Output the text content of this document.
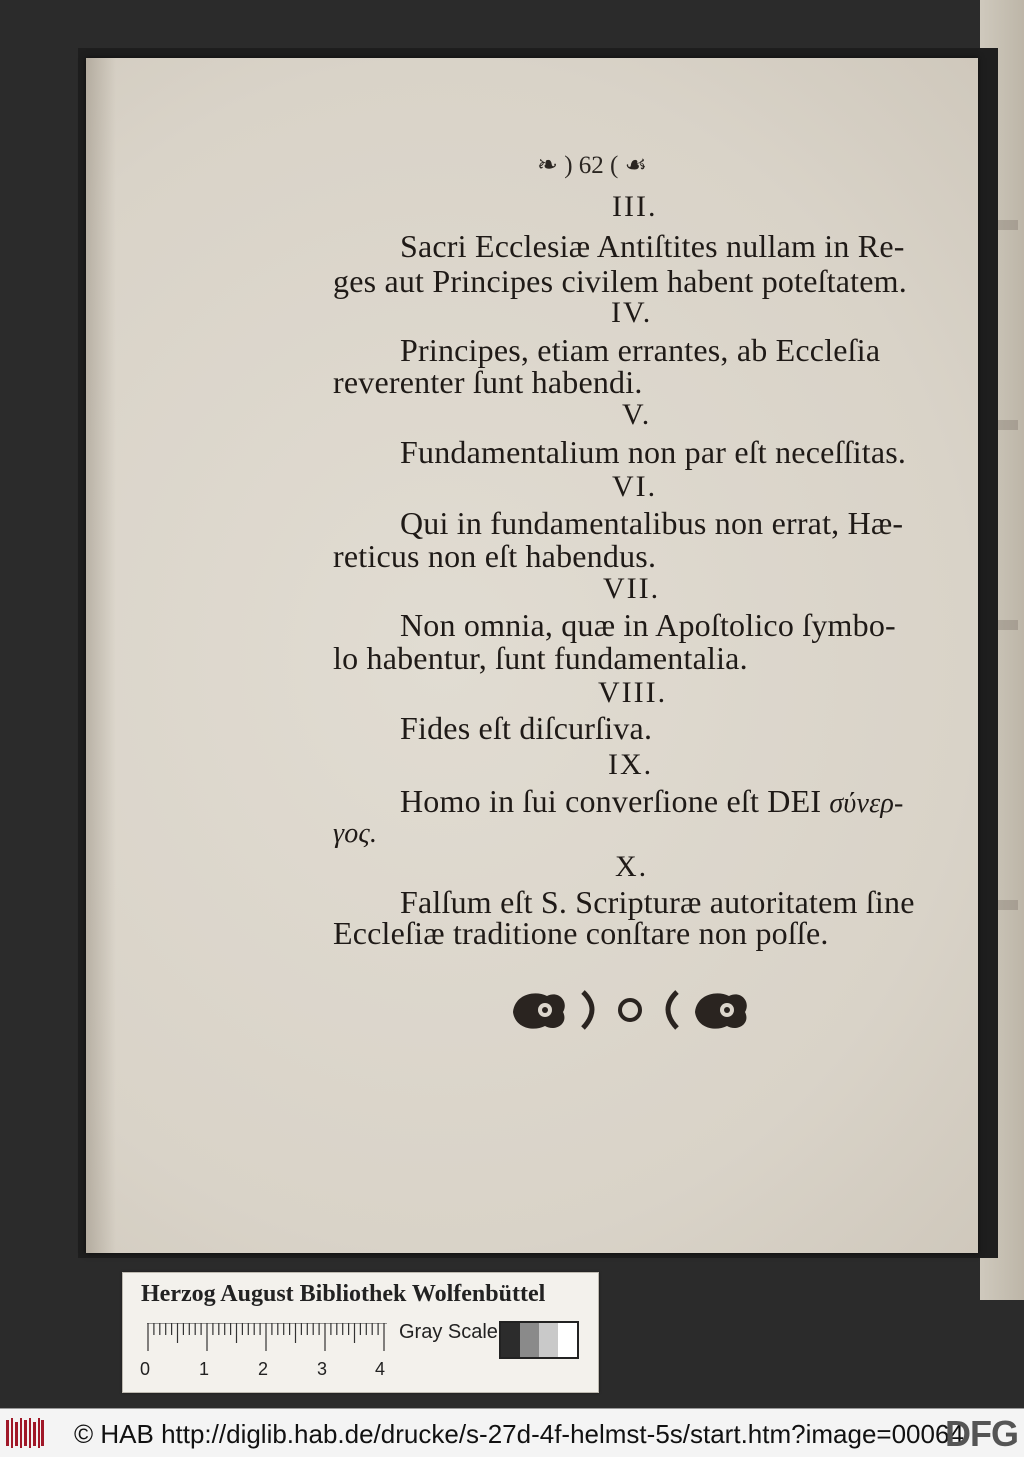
❧ ) 62 ( ☙
III.
Sacri Ecclesiæ Antiſtites nullam in Re-
ges aut Principes civilem habent poteſtatem.
IV.
Principes, etiam errantes, ab Eccleſia
reverenter ſunt habendi.
V.
Fundamentalium non par eſt neceſſitas.
VI.
Qui in fundamentalibus non errat, Hæ-
reticus non eſt habendus.
VII.
Non omnia, quæ in Apoſtolico ſymbo-
lo habentur, ſunt fundamentalia.
VIII.
Fides eſt diſcurſiva.
IX.
Homo in ſui converſione eſt DEI σύνερ-
γος.
X.
Falſum eſt S. Scripturæ autoritatem ſine
Eccleſiæ traditione conſtare non poſſe.
Herzog August Bibliothek Wolfenbüttel
0	1	2	3	4
Gray Scale
© HAB http://diglib.hab.de/drucke/s-27d-4f-helmst-5s/start.htm?image=00064
DFG
